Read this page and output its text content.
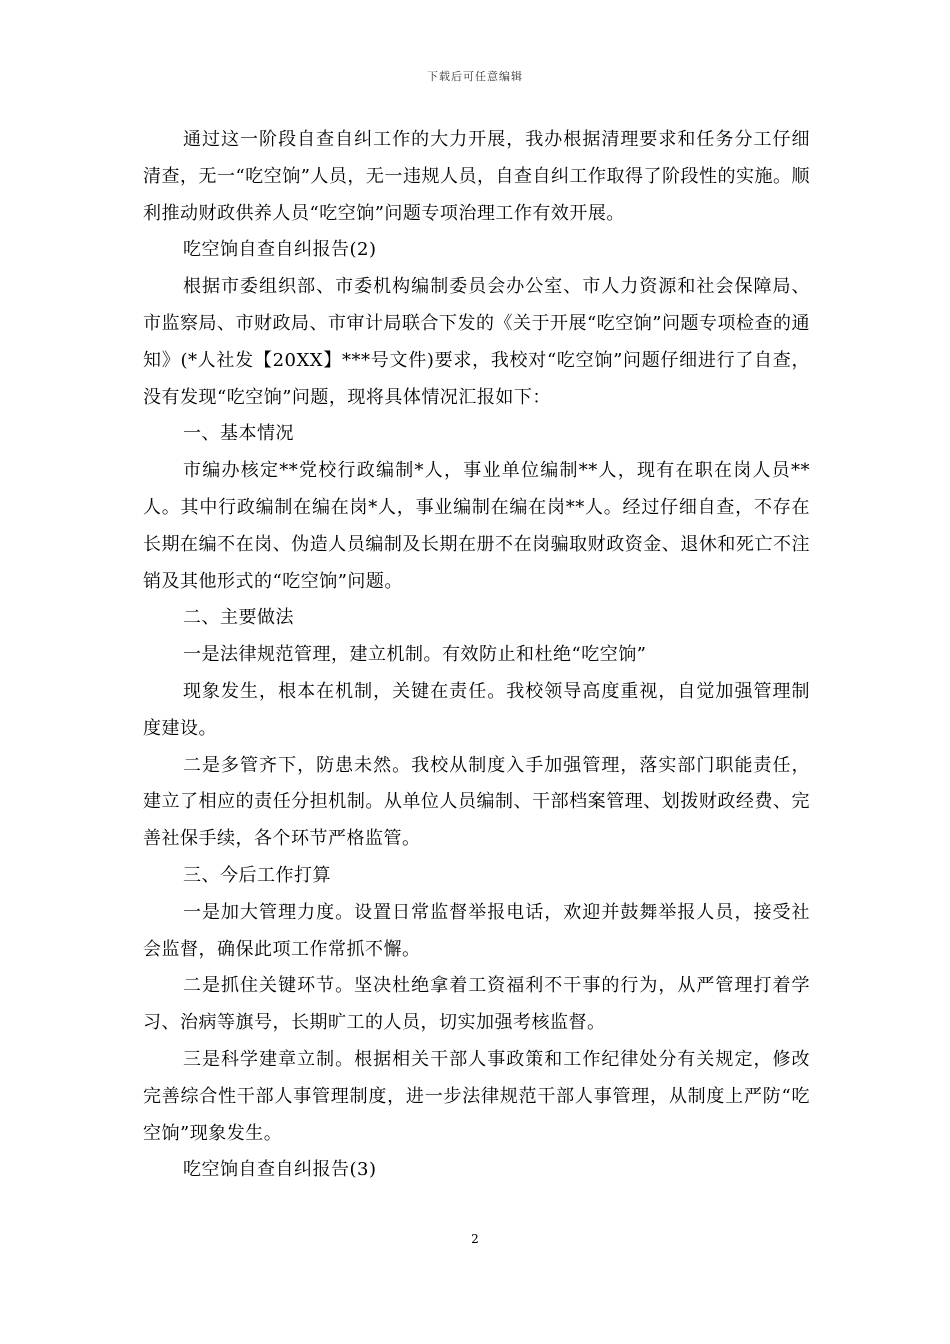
下载后可任意编辑

通过这一阶段自查自纠工作的大力开展，我办根据清理要求和任务分工仔细清查，无一“吃空饷”人员，无一违规人员，自查自纠工作取得了阶段性的实施。顺利推动财政供养人员“吃空饷”问题专项治理工作有效开展。

吃空饷自查自纠报告(2)

根据市委组织部、市委机构编制委员会办公室、市人力资源和社会保障局、市监察局、市财政局、市审计局联合下发的《关于开展“吃空饷”问题专项检查的通知》(*人社发【20XX】***号文件)要求，我校对“吃空饷”问题仔细进行了自查，没有发现“吃空饷”问题，现将具体情况汇报如下：

一、基本情况

市编办核定**党校行政编制*人，事业单位编制**人，现有在职在岗人员**人。其中行政编制在编在岗*人，事业编制在编在岗**人。经过仔细自查，不存在长期在编不在岗、伪造人员编制及长期在册不在岗骗取财政资金、退休和死亡不注销及其他形式的“吃空饷”问题。

二、主要做法

一是法律规范管理，建立机制。有效防止和杜绝“吃空饷”

现象发生，根本在机制，关键在责任。我校领导高度重视，自觉加强管理制度建设。

二是多管齐下，防患未然。我校从制度入手加强管理，落实部门职能责任，建立了相应的责任分担机制。从单位人员编制、干部档案管理、划拨财政经费、完善社保手续，各个环节严格监管。

三、今后工作打算

一是加大管理力度。设置日常监督举报电话，欢迎并鼓舞举报人员，接受社会监督，确保此项工作常抓不懈。

二是抓住关键环节。坚决杜绝拿着工资福利不干事的行为，从严管理打着学习、治病等旗号，长期旷工的人员，切实加强考核监督。

三是科学建章立制。根据相关干部人事政策和工作纪律处分有关规定，修改完善综合性干部人事管理制度，进一步法律规范干部人事管理，从制度上严防“吃空饷”现象发生。

吃空饷自查自纠报告(3)

2
